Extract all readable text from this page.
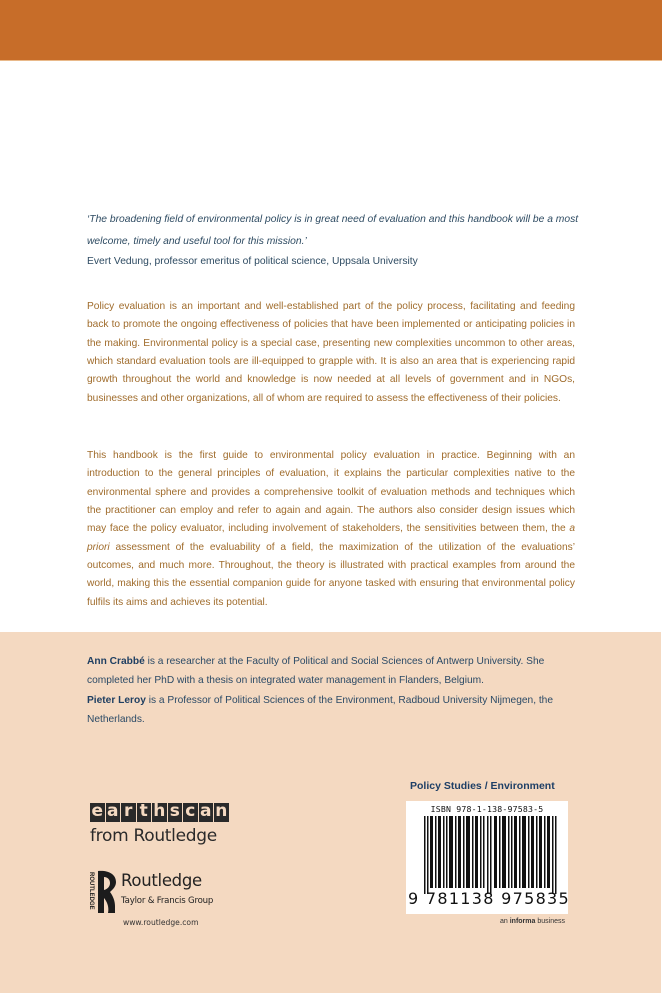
‘The broadening field of environmental policy is in great need of evaluation and this handbook will be a most welcome, timely and useful tool for this mission.’
Evert Vedung, professor emeritus of political science, Uppsala University
Policy evaluation is an important and well-established part of the policy process, facilitating and feeding back to promote the ongoing effectiveness of policies that have been implemented or anticipating policies in the making. Environmental policy is a special case, presenting new complexities uncommon to other areas, which standard evaluation tools are ill-equipped to grapple with. It is also an area that is experiencing rapid growth throughout the world and knowledge is now needed at all levels of government and in NGOs, businesses and other organizations, all of whom are required to assess the effectiveness of their policies.
This handbook is the first guide to environmental policy evaluation in practice. Beginning with an introduction to the general principles of evaluation, it explains the particular complexities native to the environmental sphere and provides a comprehensive toolkit of evaluation methods and techniques which the practitioner can employ and refer to again and again. The authors also consider design issues which may face the policy evaluator, including involvement of stakeholders, the sensitivities between them, the a priori assessment of the evaluability of a field, the maximization of the utilization of the evaluations’ outcomes, and much more. Throughout, the theory is illustrated with practical examples from around the world, making this the essential companion guide for anyone tasked with ensuring that environmental policy fulfils its aims and achieves its potential.
Ann Crabbé is a researcher at the Faculty of Political and Social Sciences of Antwerp University. She completed her PhD with a thesis on integrated water management in Flanders, Belgium.
Pieter Leroy is a Professor of Political Sciences of the Environment, Radboud University Nijmegen, the Netherlands.
Policy Studies / Environment
ISBN 978-1-138-97583-5
9 781138 975835
an informa business
e a r t h s c a n
from Routledge
ROUTLEDGE Routledge
Taylor & Francis Group
www.routledge.com
